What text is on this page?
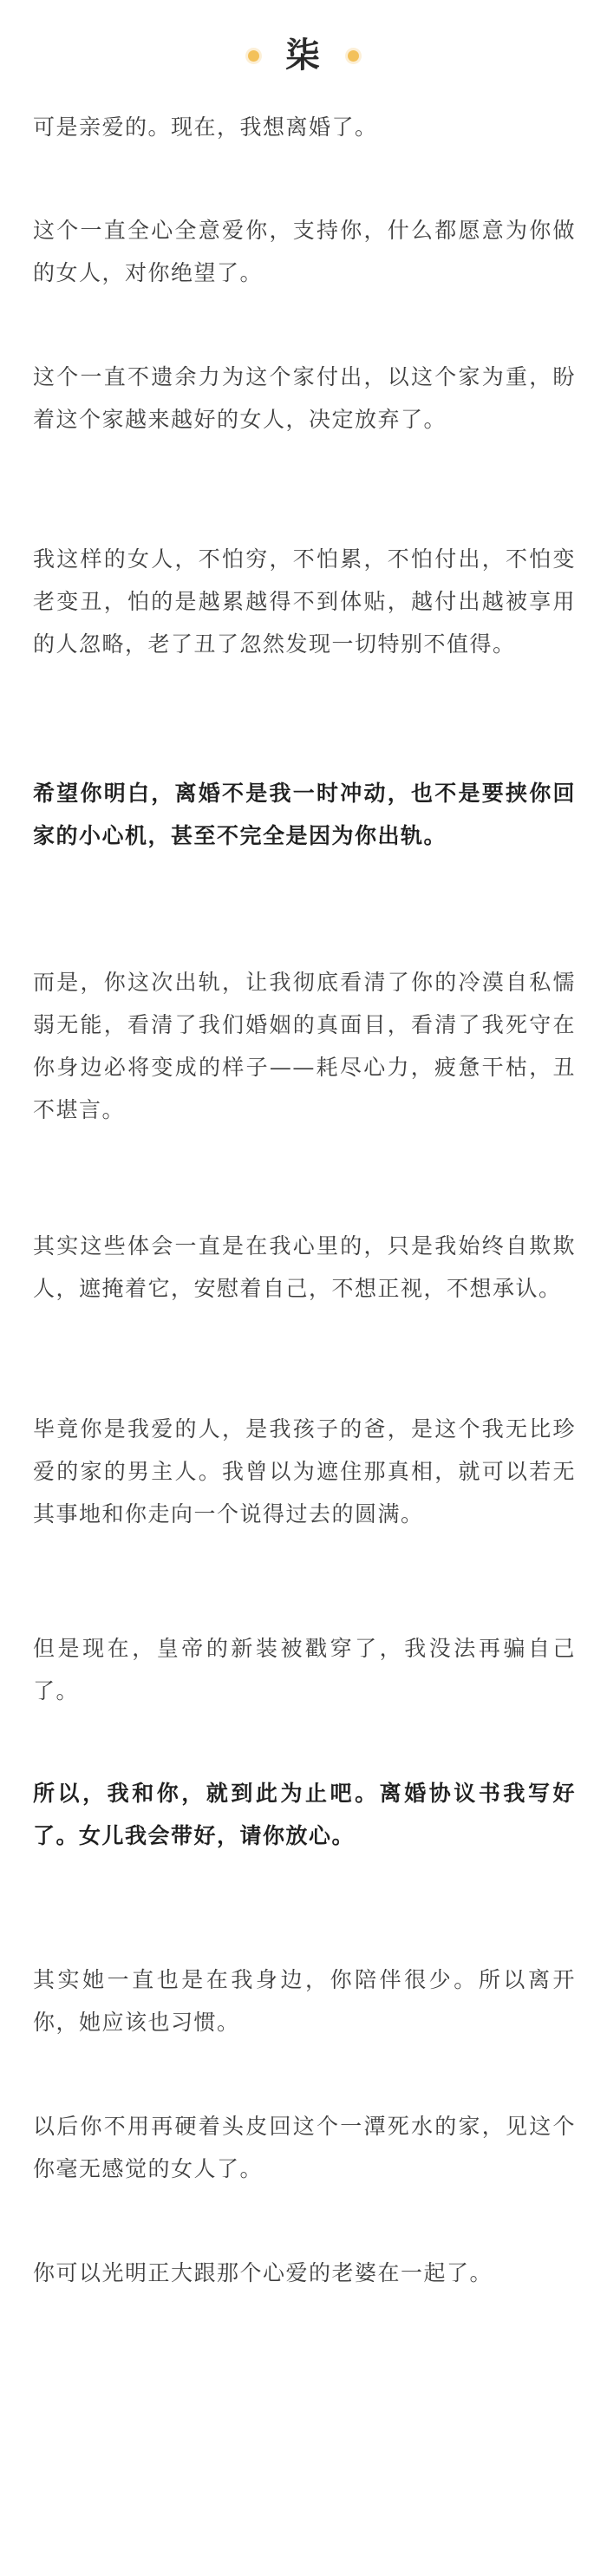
柒

可是亲爱的。现在，我想离婚了。

这个一直全心全意爱你，支持你，什么都愿意为你做的女人，对你绝望了。

这个一直不遗余力为这个家付出，以这个家为重，盼着这个家越来越好的女人，决定放弃了。

我这样的女人，不怕穷，不怕累，不怕付出，不怕变老变丑，怕的是越累越得不到体贴，越付出越被享用的人忽略，老了丑了忽然发现一切特别不值得。

希望你明白，离婚不是我一时冲动，也不是要挟你回家的小心机，甚至不完全是因为你出轨。

而是，你这次出轨，让我彻底看清了你的冷漠自私懦弱无能，看清了我们婚姻的真面目，看清了我死守在你身边必将变成的样子——耗尽心力，疲惫干枯，丑不堪言。

其实这些体会一直是在我心里的，只是我始终自欺欺人，遮掩着它，安慰着自己，不想正视，不想承认。

毕竟你是我爱的人，是我孩子的爸，是这个我无比珍爱的家的男主人。我曾以为遮住那真相，就可以若无其事地和你走向一个说得过去的圆满。

但是现在，皇帝的新装被戳穿了，我没法再骗自己了。

所以，我和你，就到此为止吧。离婚协议书我写好了。女儿我会带好，请你放心。

其实她一直也是在我身边，你陪伴很少。所以离开你，她应该也习惯。

以后你不用再硬着头皮回这个一潭死水的家，见这个你毫无感觉的女人了。

你可以光明正大跟那个心爱的老婆在一起了。
